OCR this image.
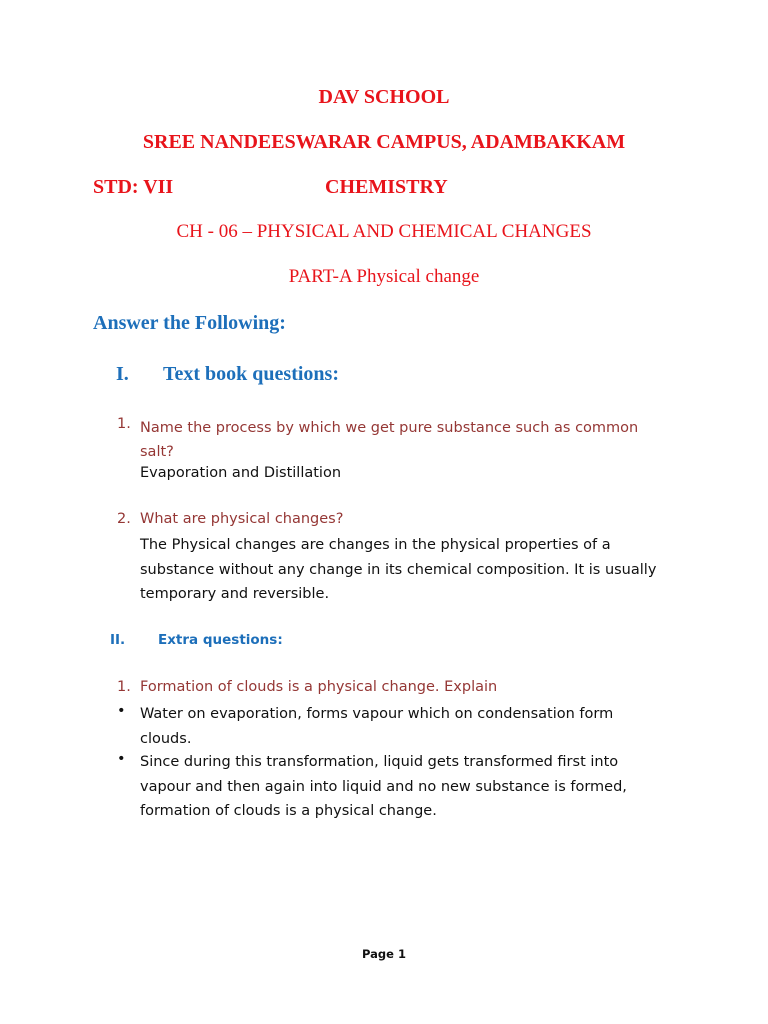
DAV SCHOOL
SREE NANDEESWARAR CAMPUS, ADAMBAKKAM
STD: VII	CHEMISTRY
CH - 06 – PHYSICAL AND CHEMICAL CHANGES
PART-A Physical change
Answer the Following:
I. Text book questions:
1. Name the process by which we get pure substance such as common salt?
Evaporation and Distillation
2. What are physical changes?
The Physical changes are changes in the physical properties of a substance without any change in its chemical composition. It is usually temporary and reversible.
II. Extra questions:
1. Formation of clouds is a physical change. Explain
• Water on evaporation, forms vapour which on condensation form clouds.
• Since during this transformation, liquid gets transformed first into vapour and then again into liquid and no new substance is formed, formation of clouds is a physical change.
Page 1
